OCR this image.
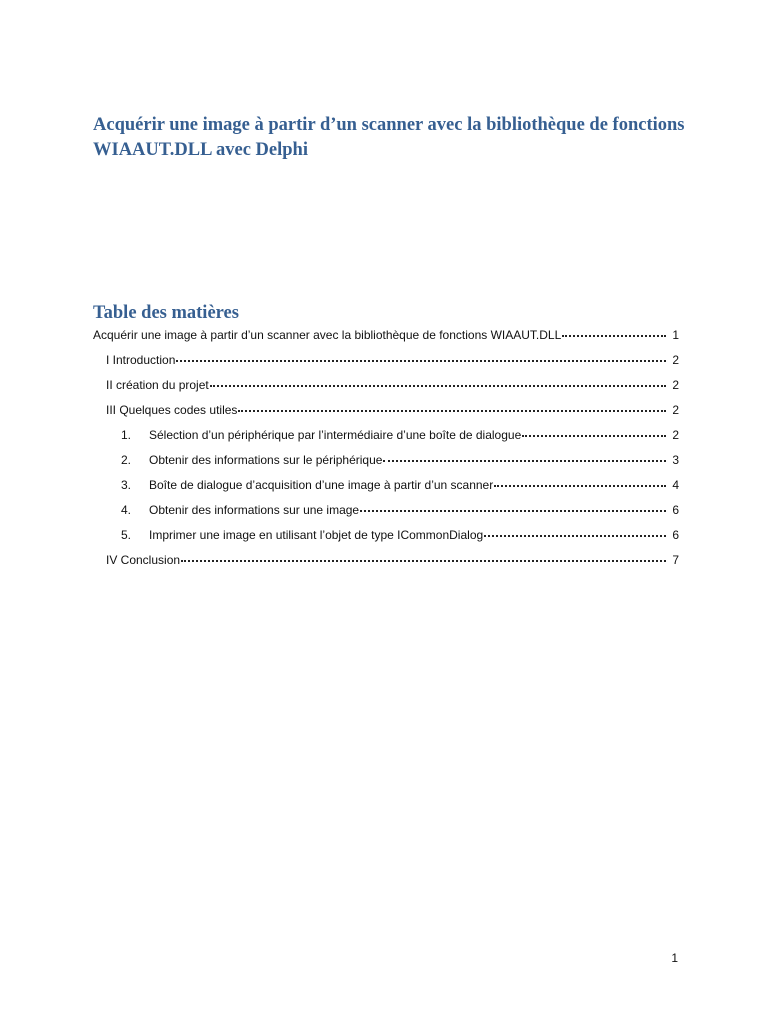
Acquérir une image à partir d’un scanner avec la bibliothèque de fonctions WIAAUT.DLL avec Delphi
Table des matières
Acquérir une image à partir d’un scanner avec la bibliothèque de fonctions WIAAUT.DLL	1
I Introduction	2
II création du projet	2
III Quelques codes utiles	2
1.	Sélection d’un périphérique par l’intermédiaire d’une boîte de dialogue	2
2.	Obtenir des informations sur le périphérique	3
3.	Boîte de dialogue d’acquisition d’une image à partir d’un scanner	4
4.	Obtenir des informations sur une image	6
5.	Imprimer une image en utilisant l’objet de type ICommonDialog	6
IV Conclusion	7
1
